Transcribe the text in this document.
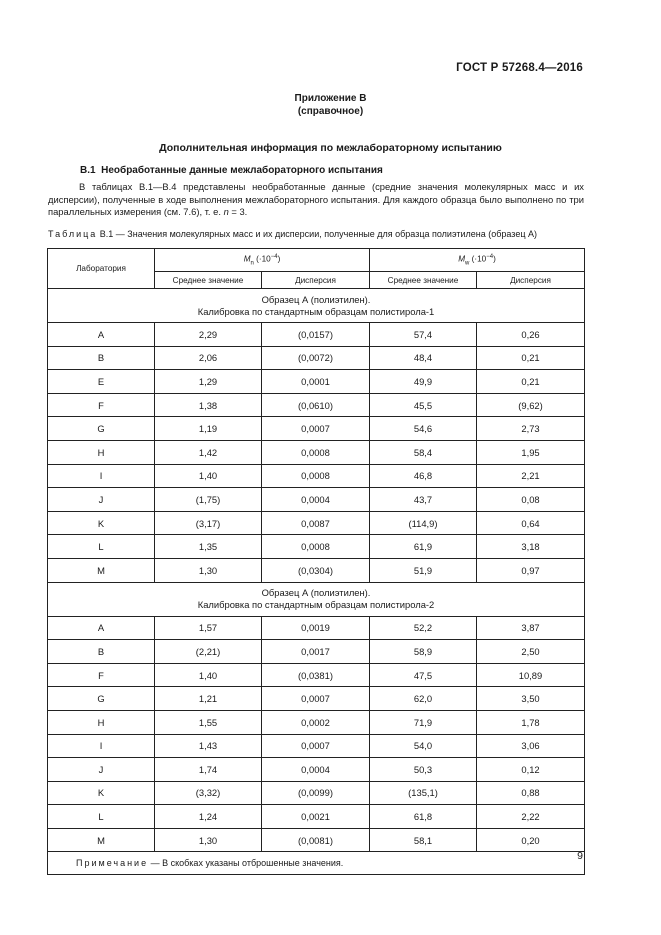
ГОСТ Р 57268.4—2016
Приложение В
(справочное)
Дополнительная информация по межлабораторному испытанию
В.1 Необработанные данные межлабораторного испытания
В таблицах В.1—В.4 представлены необработанные данные (средние значения молекулярных масс и их дисперсии), полученные в ходе выполнения межлабораторного испытания. Для каждого образца было выполнено по три параллельных измерения (см. 7.6), т. е. n = 3.
Таблица В.1 — Значения молекулярных масс и их дисперсии, полученные для образца полиэтилена (образец А)
Лаборатория	$M_n$ $(\cdot 10^{-4})$		$M_w$ $(\cdot 10^{-4})$	
	Среднее значение	Дисперсия	Среднее значение	Дисперсия

Образец А (полиэтилен).
Калибровка по стандартным образцам полистирола-1				

A	2,29	(0,0157)	57,4	0,26
B	2,06	(0,0072)	48,4	0,21
E	1,29	0,0001	49,9	0,21
F	1,38	(0,0610)	45,5	(9,62)
G	1,19	0,0007	54,6	2,73
H	1,42	0,0008	58,4	1,95
I	1,40	0,0008	46,8	2,21
J	(1,75)	0,0004	43,7	0,08
K	(3,17)	0,0087	(114,9)	0,64
L	1,35	0,0008	61,9	3,18
M	1,30	(0,0304)	51,9	0,97

Образец А (полиэтилен).
Калибровка по стандартным образцам полистирола-2				

A	1,57	0,0019	52,2	3,87
B	(2,21)	0,0017	58,9	2,50
F	1,40	(0,0381)	47,5	10,89
G	1,21	0,0007	62,0	3,50
H	1,55	0,0002	71,9	1,78
I	1,43	0,0007	54,0	3,06
J	1,74	0,0004	50,3	0,12
K	(3,32)	(0,0099)	(135,1)	0,88
L	1,24	0,0021	61,8	2,22
M	1,30	(0,0081)	58,1	0,20
Примечание — В скобках указаны отброшенные значения.				
9
